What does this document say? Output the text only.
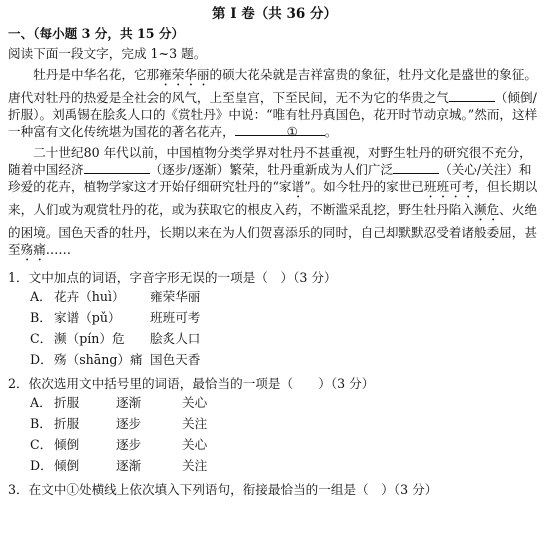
第 I 卷（共 36 分）
一、（每小题 3 分，共 15 分）

阅读下面一段文字，完成 1~3 题。

牡丹是中华名花，它那雍荣华丽的硕大花朵就是吉祥富贵的象征，牡丹文化是盛世的象征。唐代对牡丹的热爱是全社会的风气，上至皇宫，下至民间，无不为它的华贵之气	（倾倒/折服）。刘禹锡在脍炙人口的《赏牡丹》中说：“唯有牡丹真国色，花开时节动京城。”然而，这样一种富有文化传统堪为国花的著名花卉，	① 。

二十世纪80 年代以前，中国植物分类学界对牡丹不甚重视，对野生牡丹的研究很不充分，随着中国经济	（逐步/逐渐）繁荣，牡丹重新成为人们广泛	（关心/关注）和珍爱的花卉，植物学家这才开始仔细研究牡丹的“家谱”。如今牡丹的家世已班班可考，但长期以来，人们或为观赏牡丹的花，或为获取它的根皮入药，不断滥采乱挖，野生牡丹陷入濒危、火绝的困境。国色天香的牡丹，长期以来在为人们贺喜添乐的同时，自己却默默忍受着诸般委屈，甚至殇痛……

1．文中加点的词语，字音字形无误的一项是（　）（3 分）

A． 花卉（huì）	雍荣华丽
B． 家谱（pǔ）	班班可考
C． 濒（pín）危	脍炙人口
D． 殇（shāng）痛 国色天香

2．依次选用文中括号里的词语，最恰当的一项是（　　）（3 分）

A． 折服	逐渐	关心
B． 折服	逐步	关注
C． 倾倒	逐步	关心
D． 倾倒	逐渐	关注

3．在文中①处横线上依次填入下列语句，衔接最恰当的一组是（　）（3 分）
